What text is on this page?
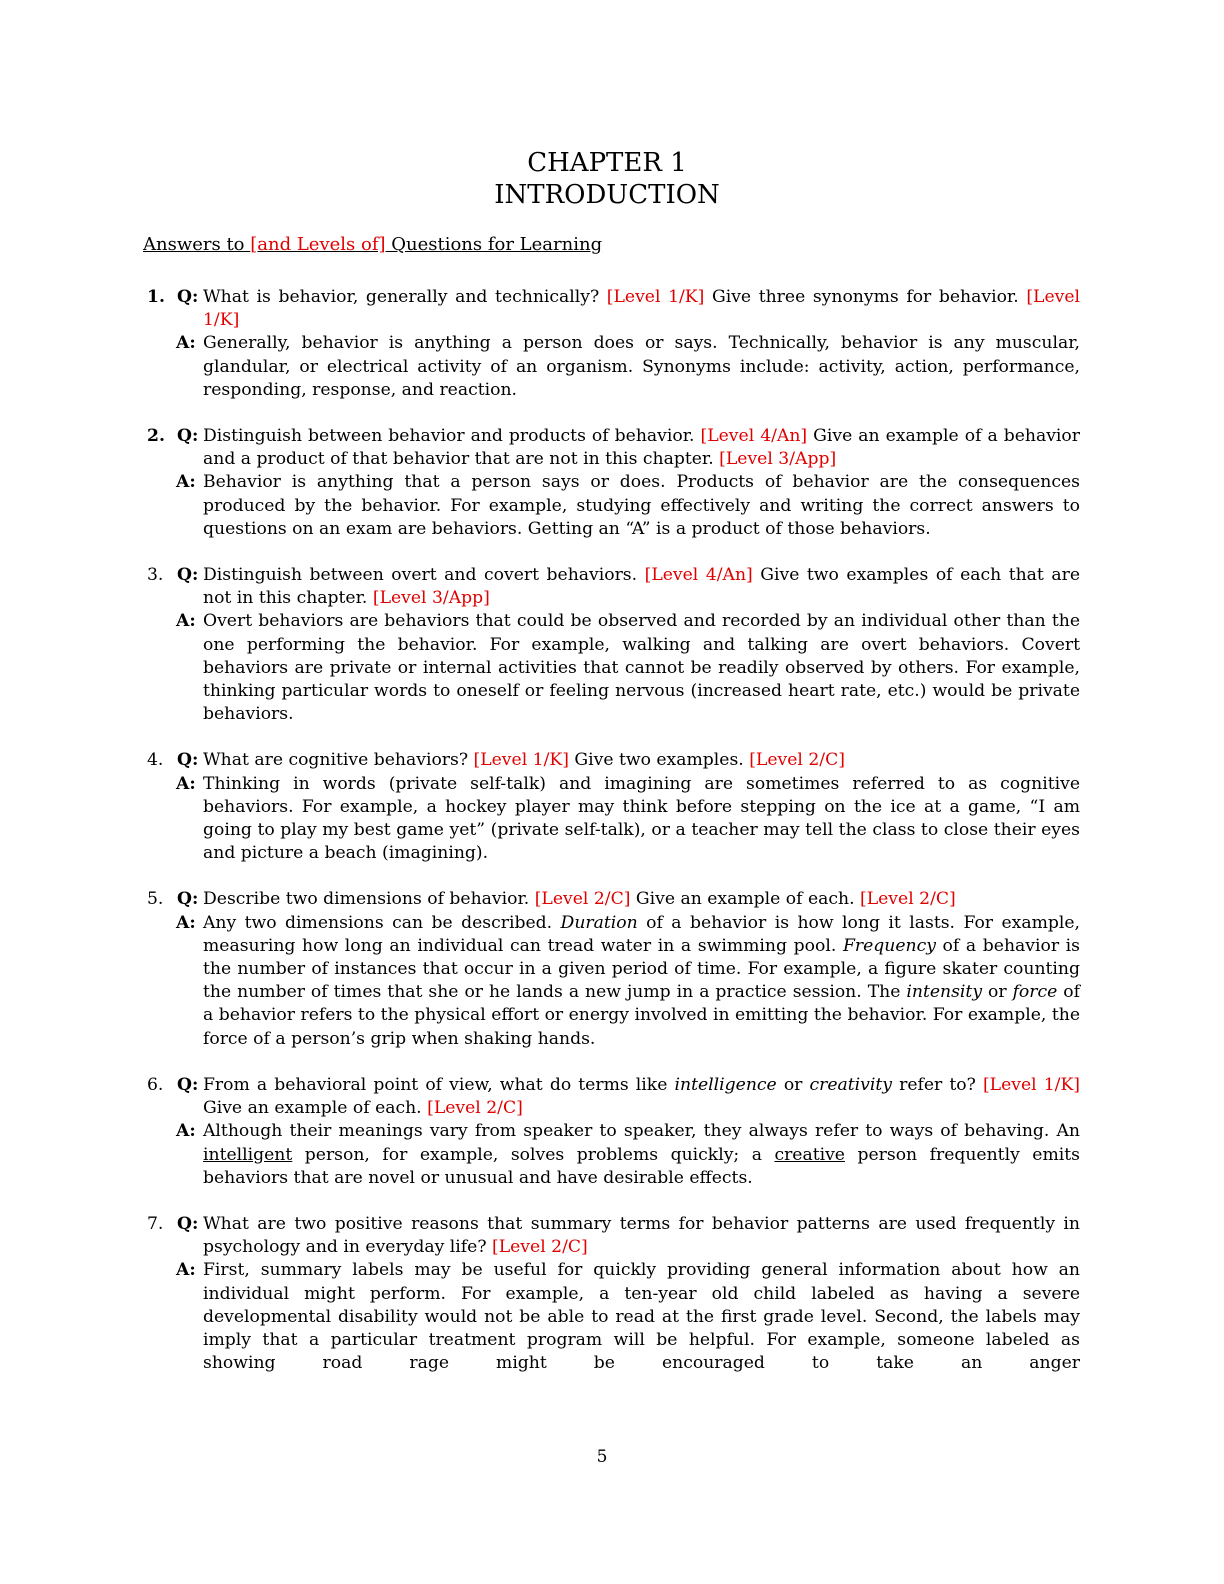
CHAPTER 1
INTRODUCTION
Answers to [and Levels of] Questions for Learning
1. Q: What is behavior, generally and technically? [Level 1/K] Give three synonyms for behavior. [Level 1/K]
A: Generally, behavior is anything a person does or says. Technically, behavior is any muscular, glandular, or electrical activity of an organism. Synonyms include: activity, action, performance, responding, response, and reaction.
2. Q: Distinguish between behavior and products of behavior. [Level 4/An] Give an example of a behavior and a product of that behavior that are not in this chapter. [Level 3/App]
A: Behavior is anything that a person says or does. Products of behavior are the consequences produced by the behavior. For example, studying effectively and writing the correct answers to questions on an exam are behaviors. Getting an “A” is a product of those behaviors.
3. Q: Distinguish between overt and covert behaviors. [Level 4/An] Give two examples of each that are not in this chapter. [Level 3/App]
A: Overt behaviors are behaviors that could be observed and recorded by an individual other than the one performing the behavior. For example, walking and talking are overt behaviors. Covert behaviors are private or internal activities that cannot be readily observed by others. For example, thinking particular words to oneself or feeling nervous (increased heart rate, etc.) would be private behaviors.
4. Q: What are cognitive behaviors? [Level 1/K] Give two examples. [Level 2/C]
A: Thinking in words (private self-talk) and imagining are sometimes referred to as cognitive behaviors. For example, a hockey player may think before stepping on the ice at a game, “I am going to play my best game yet” (private self-talk), or a teacher may tell the class to close their eyes and picture a beach (imagining).
5. Q: Describe two dimensions of behavior. [Level 2/C] Give an example of each. [Level 2/C]
A: Any two dimensions can be described. Duration of a behavior is how long it lasts. For example, measuring how long an individual can tread water in a swimming pool. Frequency of a behavior is the number of instances that occur in a given period of time. For example, a figure skater counting the number of times that she or he lands a new jump in a practice session. The intensity or force of a behavior refers to the physical effort or energy involved in emitting the behavior. For example, the force of a person’s grip when shaking hands.
6. Q: From a behavioral point of view, what do terms like intelligence or creativity refer to? [Level 1/K] Give an example of each. [Level 2/C]
A: Although their meanings vary from speaker to speaker, they always refer to ways of behaving. An intelligent person, for example, solves problems quickly; a creative person frequently emits behaviors that are novel or unusual and have desirable effects.
7. Q: What are two positive reasons that summary terms for behavior patterns are used frequently in psychology and in everyday life? [Level 2/C]
A: First, summary labels may be useful for quickly providing general information about how an individual might perform. For example, a ten-year old child labeled as having a severe developmental disability would not be able to read at the first grade level. Second, the labels may imply that a particular treatment program will be helpful. For example, someone labeled as showing road rage might be encouraged to take an anger
5
